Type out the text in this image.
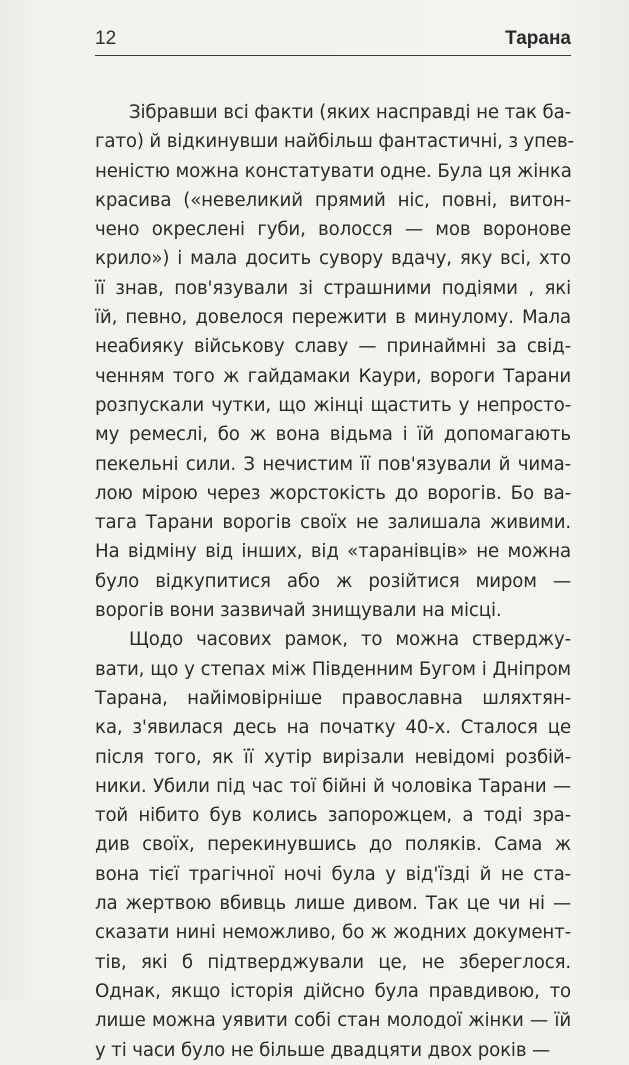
12	Тарана
Зібравши всі факти (яких насправді не так ба-
гато) й відкинувши найбільш фантастичні, з упев-
неністю можна констатувати одне. Була ця жінка
красива («невеликий прямий ніс, повні, витон-
чено окреслені губи, волосся — мов воронове
крило») і мала досить сувору вдачу, яку всі, хто
її знав, пов'язували зі страшними подіями , які
їй, певно, довелося пережити в минулому. Мала
неабияку військову славу — принаймні за свід-
ченням того ж гайдамаки Каури, вороги Тарани
розпускали чутки, що жінці щастить у непросто-
му ремеслі, бо ж вона відьма і їй допомагають
пекельні сили. З нечистим її пов'язували й чима-
лою мірою через жорстокість до ворогів. Бо ва-
тага Тарани ворогів своїх не залишала живими.
На відміну від інших, від «таранівців» не можна
було відкупитися або ж розійтися миром —
ворогів вони зазвичай знищували на місці.
Щодо часових рамок, то можна стверджу-
вати, що у степах між Південним Бугом і Дніпром
Тарана, найімовірніше православна шляхтян-
ка, з'явилася десь на початку 40-х. Сталося це
після того, як її хутір вирізали невідомі розбій-
ники. Убили під час тої бійні й чоловіка Тарани —
той нібито був колись запорожцем, а тоді зра-
див своїх, перекинувшись до поляків. Сама ж
вона тієї трагічної ночі була у від'їзді й не ста-
ла жертвою вбивць лише дивом. Так це чи ні —
сказати нині неможливо, бо ж жодних документ-
тів, які б підтверджували це, не збереглося.
Однак, якщо історія дійсно була правдивою, то
лише можна уявити собі стан молодої жінки — їй
у ті часи було не більше двадцяти двох років —
